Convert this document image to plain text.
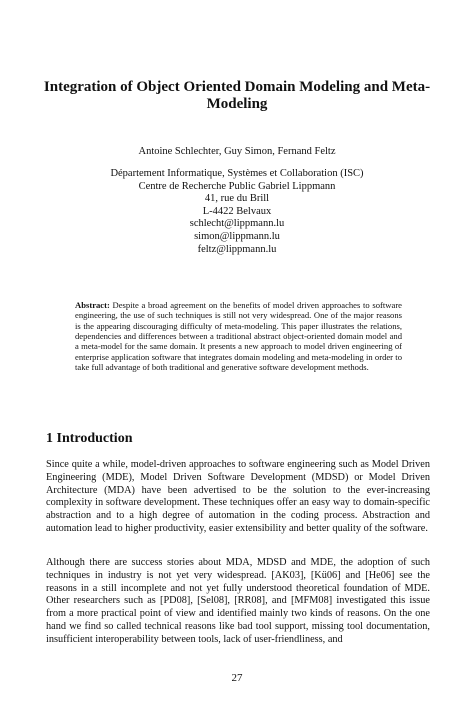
Integration of Object Oriented Domain Modeling and Meta-Modeling
Antoine Schlechter, Guy Simon, Fernand Feltz
Département Informatique, Systèmes et Collaboration (ISC)
Centre de Recherche Public Gabriel Lippmann
41, rue du Brill
L-4422 Belvaux
schlecht@lippmann.lu
simon@lippmann.lu
feltz@lippmann.lu
Abstract: Despite a broad agreement on the benefits of model driven approaches to software engineering, the use of such techniques is still not very widespread. One of the major reasons is the appearing discouraging difficulty of meta-modeling. This paper illustrates the relations, dependencies and differences between a traditional abstract object-oriented domain model and a meta-model for the same domain. It presents a new approach to model driven engineering of enterprise application software that integrates domain modeling and meta-modeling in order to take full advantage of both traditional and generative software development methods.
1 Introduction
Since quite a while, model-driven approaches to software engineering such as Model Driven Engineering (MDE), Model Driven Software Development (MDSD) or Model Driven Architecture (MDA) have been advertised to be the solution to the ever-increasing complexity in software development. These techniques offer an easy way to domain-specific abstraction and to a high degree of automation in the coding process. Abstraction and automation lead to higher productivity, easier extensibility and better quality of the software.
Although there are success stories about MDA, MDSD and MDE, the adoption of such techniques in industry is not yet very widespread. [AK03], [Kü06] and [He06] see the reasons in a still incomplete and not yet fully understood theoretical foundation of MDE. Other researchers such as [PD08], [Sel08], [RR08], and [MFM08] investigated this issue from a more practical point of view and identified mainly two kinds of reasons. On the one hand we find so called technical reasons like bad tool support, missing tool documentation, insufficient interoperability between tools, lack of user-friendliness, and
27
